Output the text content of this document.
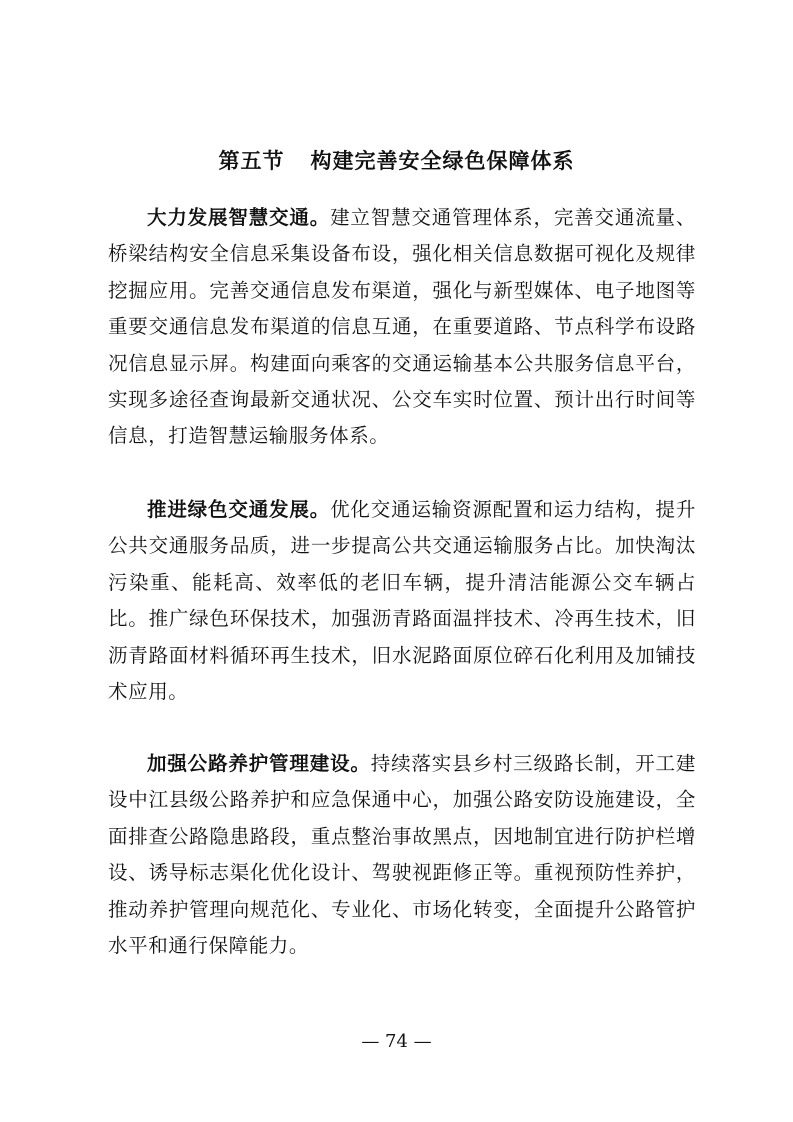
第五节 构建完善安全绿色保障体系

大力发展智慧交通。建立智慧交通管理体系，完善交通流量、桥梁结构安全信息采集设备布设，强化相关信息数据可视化及规律挖掘应用。完善交通信息发布渠道，强化与新型媒体、电子地图等重要交通信息发布渠道的信息互通，在重要道路、节点科学布设路况信息显示屏。构建面向乘客的交通运输基本公共服务信息平台，实现多途径查询最新交通状况、公交车实时位置、预计出行时间等信息，打造智慧运输服务体系。

推进绿色交通发展。优化交通运输资源配置和运力结构，提升公共交通服务品质，进一步提高公共交通运输服务占比。加快淘汰污染重、能耗高、效率低的老旧车辆，提升清洁能源公交车辆占比。推广绿色环保技术，加强沥青路面温拌技术、冷再生技术，旧沥青路面材料循环再生技术，旧水泥路面原位碎石化利用及加铺技术应用。

加强公路养护管理建设。持续落实县乡村三级路长制，开工建设中江县级公路养护和应急保通中心，加强公路安防设施建设，全面排查公路隐患路段，重点整治事故黑点，因地制宜进行防护栏增设、诱导标志渠化优化设计、驾驶视距修正等。重视预防性养护，推动养护管理向规范化、专业化、市场化转变，全面提升公路管护水平和通行保障能力。

— 74 —
